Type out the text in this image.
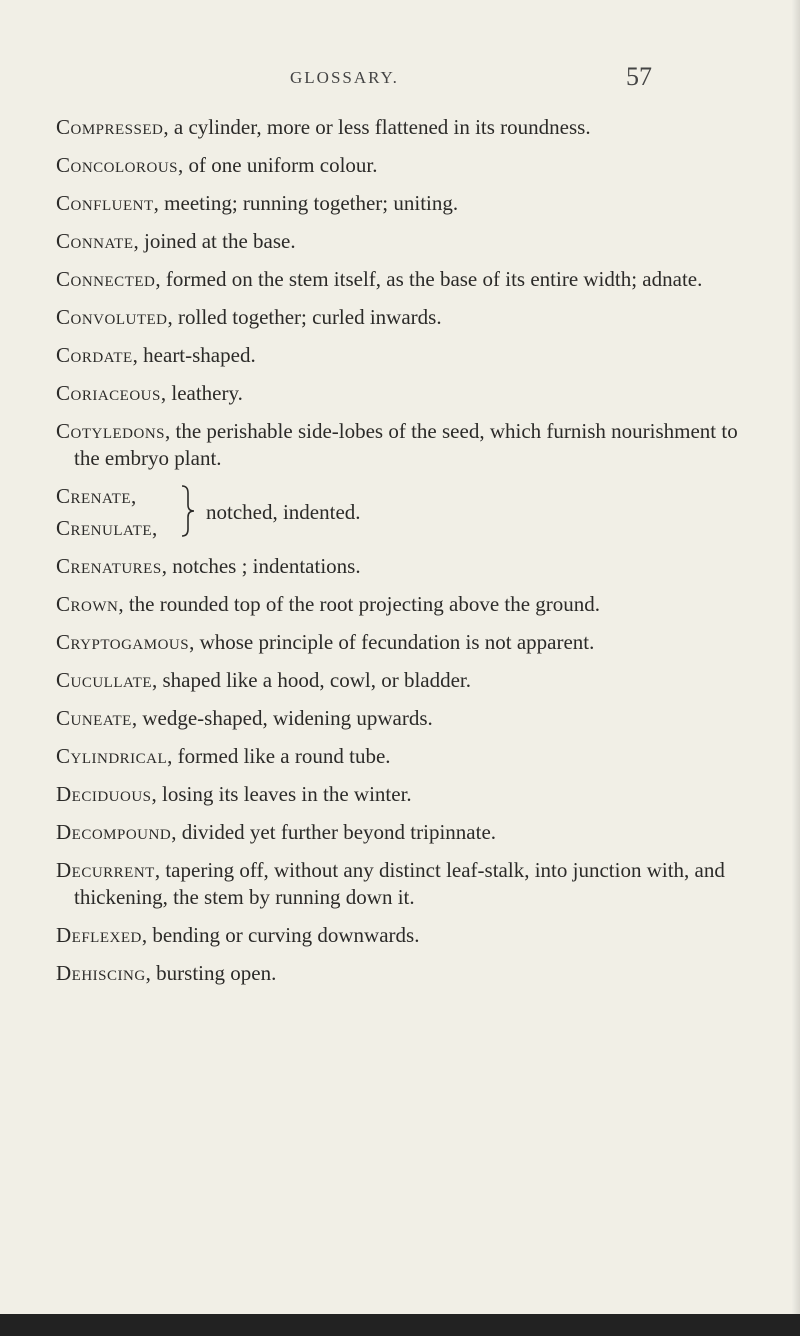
GLOSSARY.	57

Compressed, a cylinder, more or less flattened in its roundness.

Concolorous, of one uniform colour.

Confluent, meeting; running together; uniting.

Connate, joined at the base.

Connected, formed on the stem itself, as the base of its entire width; adnate.

Convoluted, rolled together; curled inwards.

Cordate, heart-shaped.

Coriaceous, leathery.

Cotyledons, the perishable side-lobes of the seed, which furnish nourishment to the embryo plant.

Crenate,
Crenulate,
notched, indented.

Crenatures, notches ; indentations.

Crown, the rounded top of the root projecting above the ground.

Cryptogamous, whose principle of fecundation is not apparent.

Cucullate, shaped like a hood, cowl, or bladder.

Cuneate, wedge-shaped, widening upwards.

Cylindrical, formed like a round tube.

Deciduous, losing its leaves in the winter.

Decompound, divided yet further beyond tripinnate.

Decurrent, tapering off, without any distinct leaf-stalk, into junction with, and thickening, the stem by running down it.

Deflexed, bending or curving downwards.

Dehiscing, bursting open.
